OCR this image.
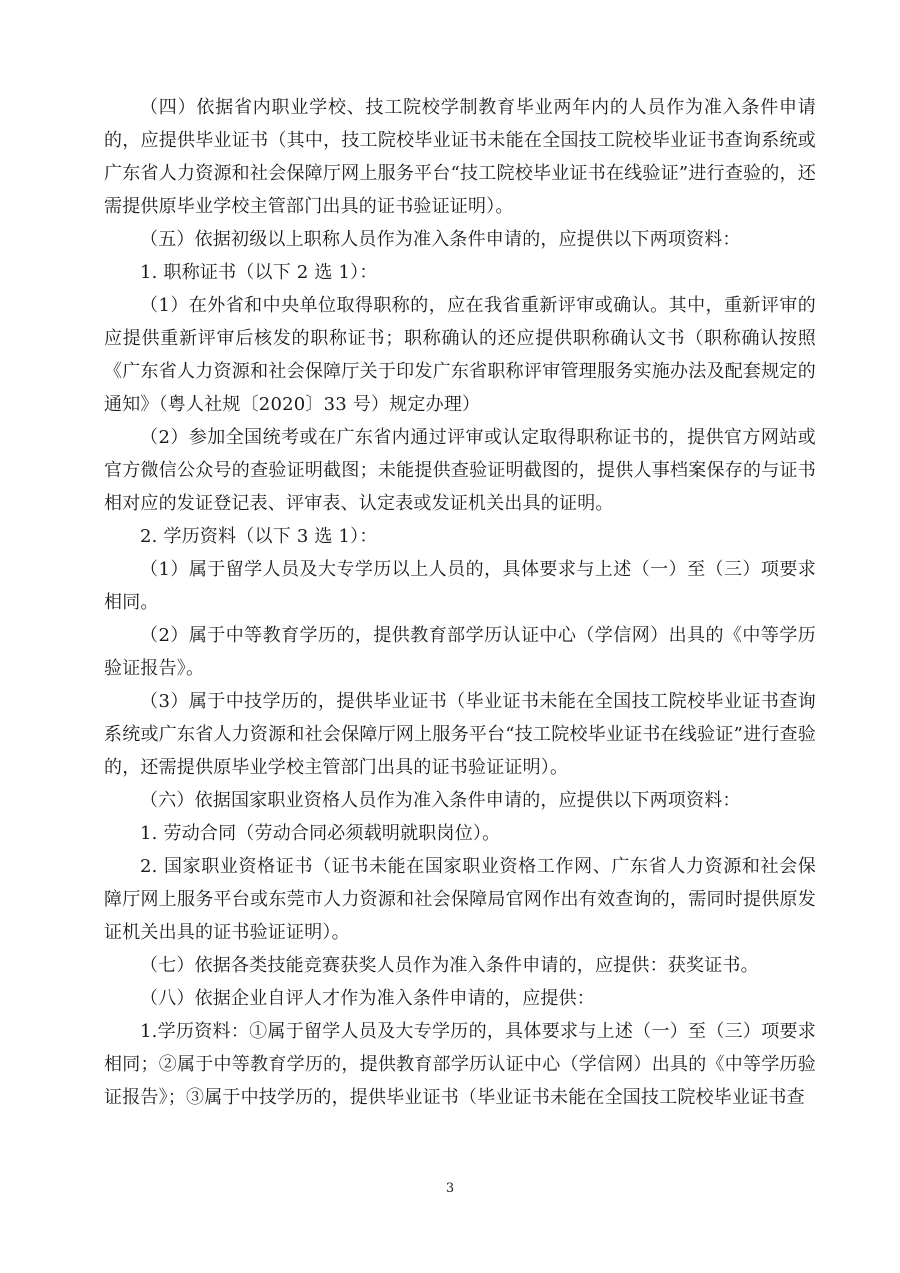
（四）依据省内职业学校、技工院校学制教育毕业两年内的人员作为准入条件申请的，应提供毕业证书（其中，技工院校毕业证书未能在全国技工院校毕业证书查询系统或广东省人力资源和社会保障厅网上服务平台“技工院校毕业证书在线验证”进行查验的，还需提供原毕业学校主管部门出具的证书验证证明）。

（五）依据初级以上职称人员作为准入条件申请的，应提供以下两项资料：

1. 职称证书（以下 2 选 1）：

（1）在外省和中央单位取得职称的，应在我省重新评审或确认。其中，重新评审的应提供重新评审后核发的职称证书；职称确认的还应提供职称确认文书（职称确认按照《广东省人力资源和社会保障厅关于印发广东省职称评审管理服务实施办法及配套规定的通知》（粤人社规〔2020〕33 号）规定办理）

（2）参加全国统考或在广东省内通过评审或认定取得职称证书的，提供官方网站或官方微信公众号的查验证明截图；未能提供查验证明截图的，提供人事档案保存的与证书相对应的发证登记表、评审表、认定表或发证机关出具的证明。

2. 学历资料（以下 3 选 1）：

（1）属于留学人员及大专学历以上人员的，具体要求与上述（一）至（三）项要求相同。

（2）属于中等教育学历的，提供教育部学历认证中心（学信网）出具的《中等学历验证报告》。

（3）属于中技学历的，提供毕业证书（毕业证书未能在全国技工院校毕业证书查询系统或广东省人力资源和社会保障厅网上服务平台“技工院校毕业证书在线验证”进行查验的，还需提供原毕业学校主管部门出具的证书验证证明）。

（六）依据国家职业资格人员作为准入条件申请的，应提供以下两项资料：

1. 劳动合同（劳动合同必须载明就职岗位）。

2. 国家职业资格证书（证书未能在国家职业资格工作网、广东省人力资源和社会保障厅网上服务平台或东莞市人力资源和社会保障局官网作出有效查询的，需同时提供原发证机关出具的证书验证证明）。

（七）依据各类技能竞赛获奖人员作为准入条件申请的，应提供：获奖证书。

（八）依据企业自评人才作为准入条件申请的，应提供：

1.学历资料：①属于留学人员及大专学历的，具体要求与上述（一）至（三）项要求相同；②属于中等教育学历的，提供教育部学历认证中心（学信网）出具的《中等学历验证报告》；③属于中技学历的，提供毕业证书（毕业证书未能在全国技工院校毕业证书查

3
